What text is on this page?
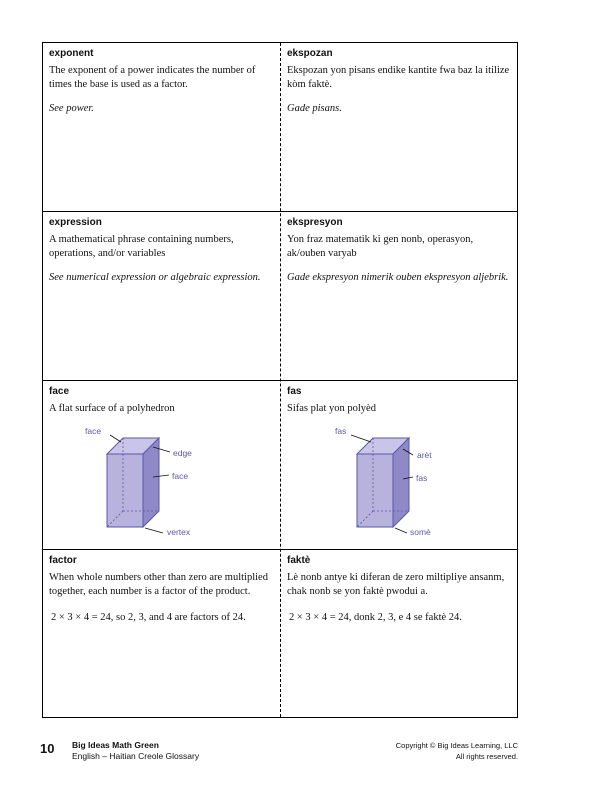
exponent

The exponent of a power indicates the number of times the base is used as a factor.

See power.

ekspozan

Ekspozan yon pisans endike kantite fwa baz la itilize kòm faktè.

Gade pisans.

expression

A mathematical phrase containing numbers, operations, and/or variables

See numerical expression or algebraic expression.

ekspresyon

Yon fraz matematik ki gen nonb, operasyon, ak/ouben varyab

Gade ekspresyon nimerik ouben ekspresyon aljebrik.

face

A flat surface of a polyhedron

face
edge
face
vertex

fas

Sifas plat yon polyèd

fas
arèt
fas
somè

factor

When whole numbers other than zero are multiplied together, each number is a factor of the product.

2 × 3 × 4 = 24, so 2, 3, and 4 are factors of 24.

faktè

Lè nonb antye ki diferan de zero miltipliye ansanm, chak nonb se yon faktè pwodui a.

2 × 3 × 4 = 24, donk 2, 3, e 4 se faktè 24.

10 Big Ideas Math Green
English – Haitian Creole Glossary
Copyright © Big Ideas Learning, LLC
All rights reserved.
